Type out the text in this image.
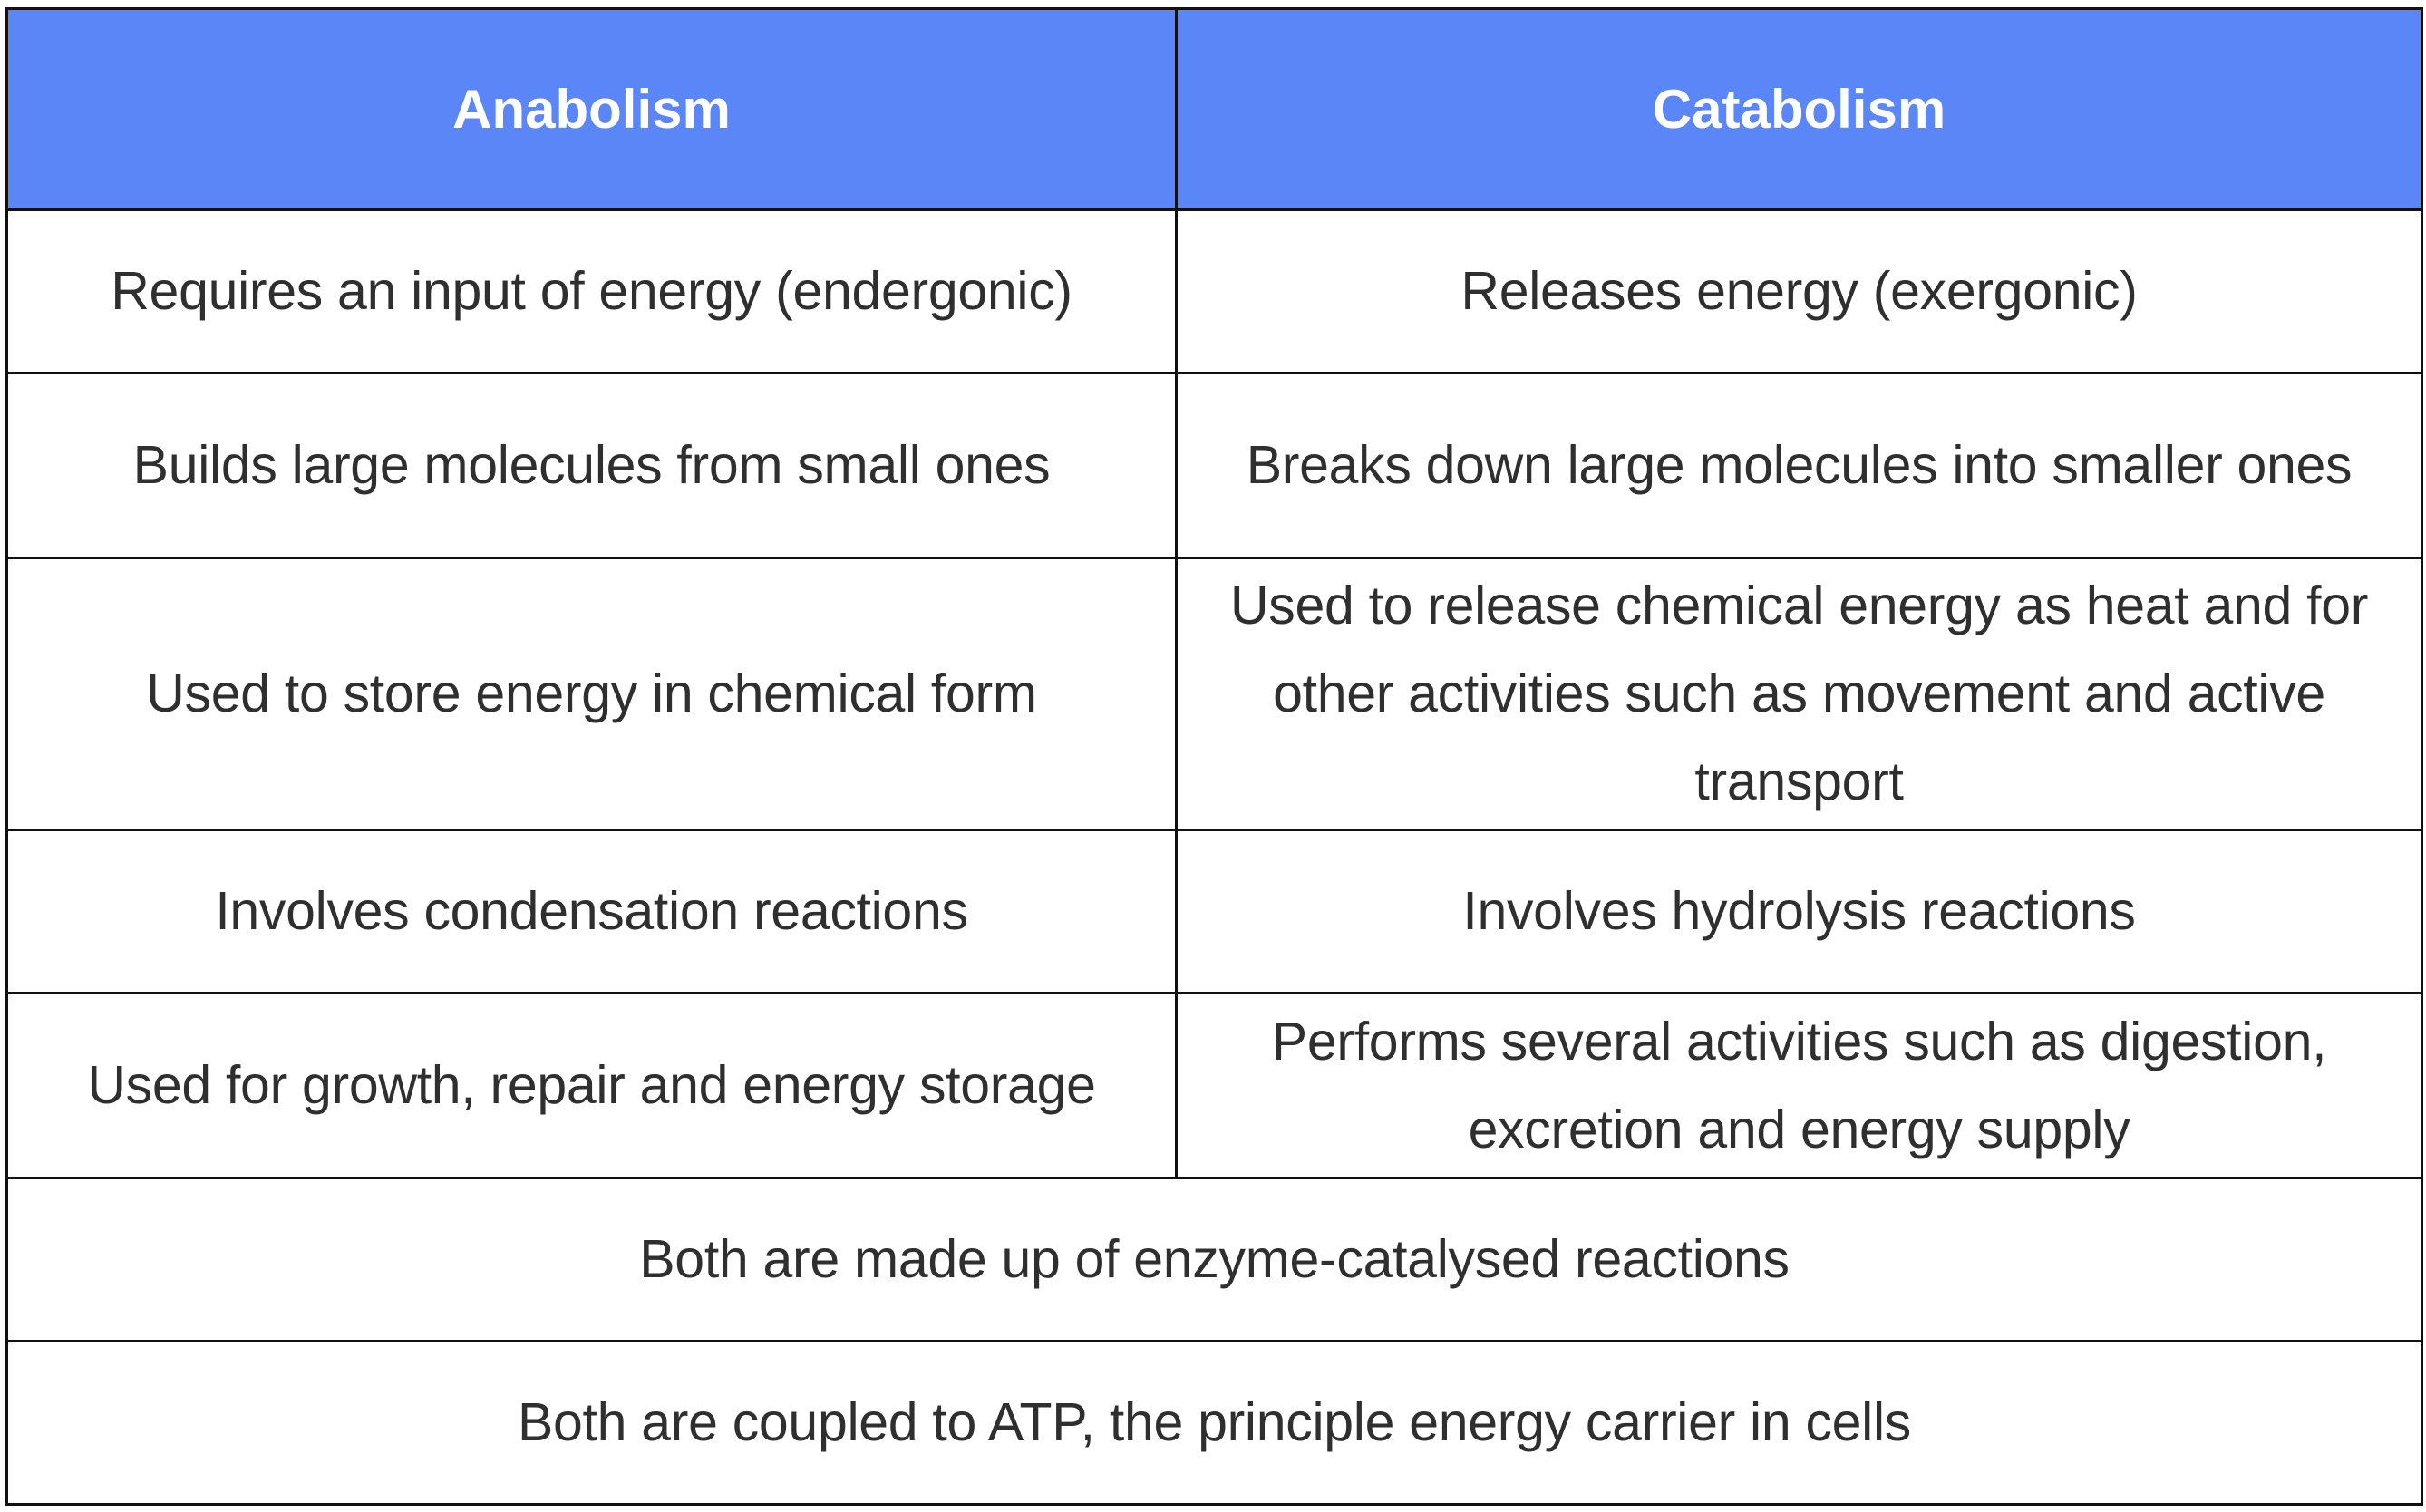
Anabolism	Catabolism
Requires an input of energy (endergonic)	Releases energy (exergonic)
Builds large molecules from small ones	Breaks down large molecules into smaller ones
Used to store energy in chemical form	Used to release chemical energy as heat and for other activities such as movement and active transport
Involves condensation reactions	Involves hydrolysis reactions
Used for growth, repair and energy storage	Performs several activities such as digestion, excretion and energy supply
Both are made up of enzyme-catalysed reactions	
Both are coupled to ATP, the principle energy carrier in cells	
